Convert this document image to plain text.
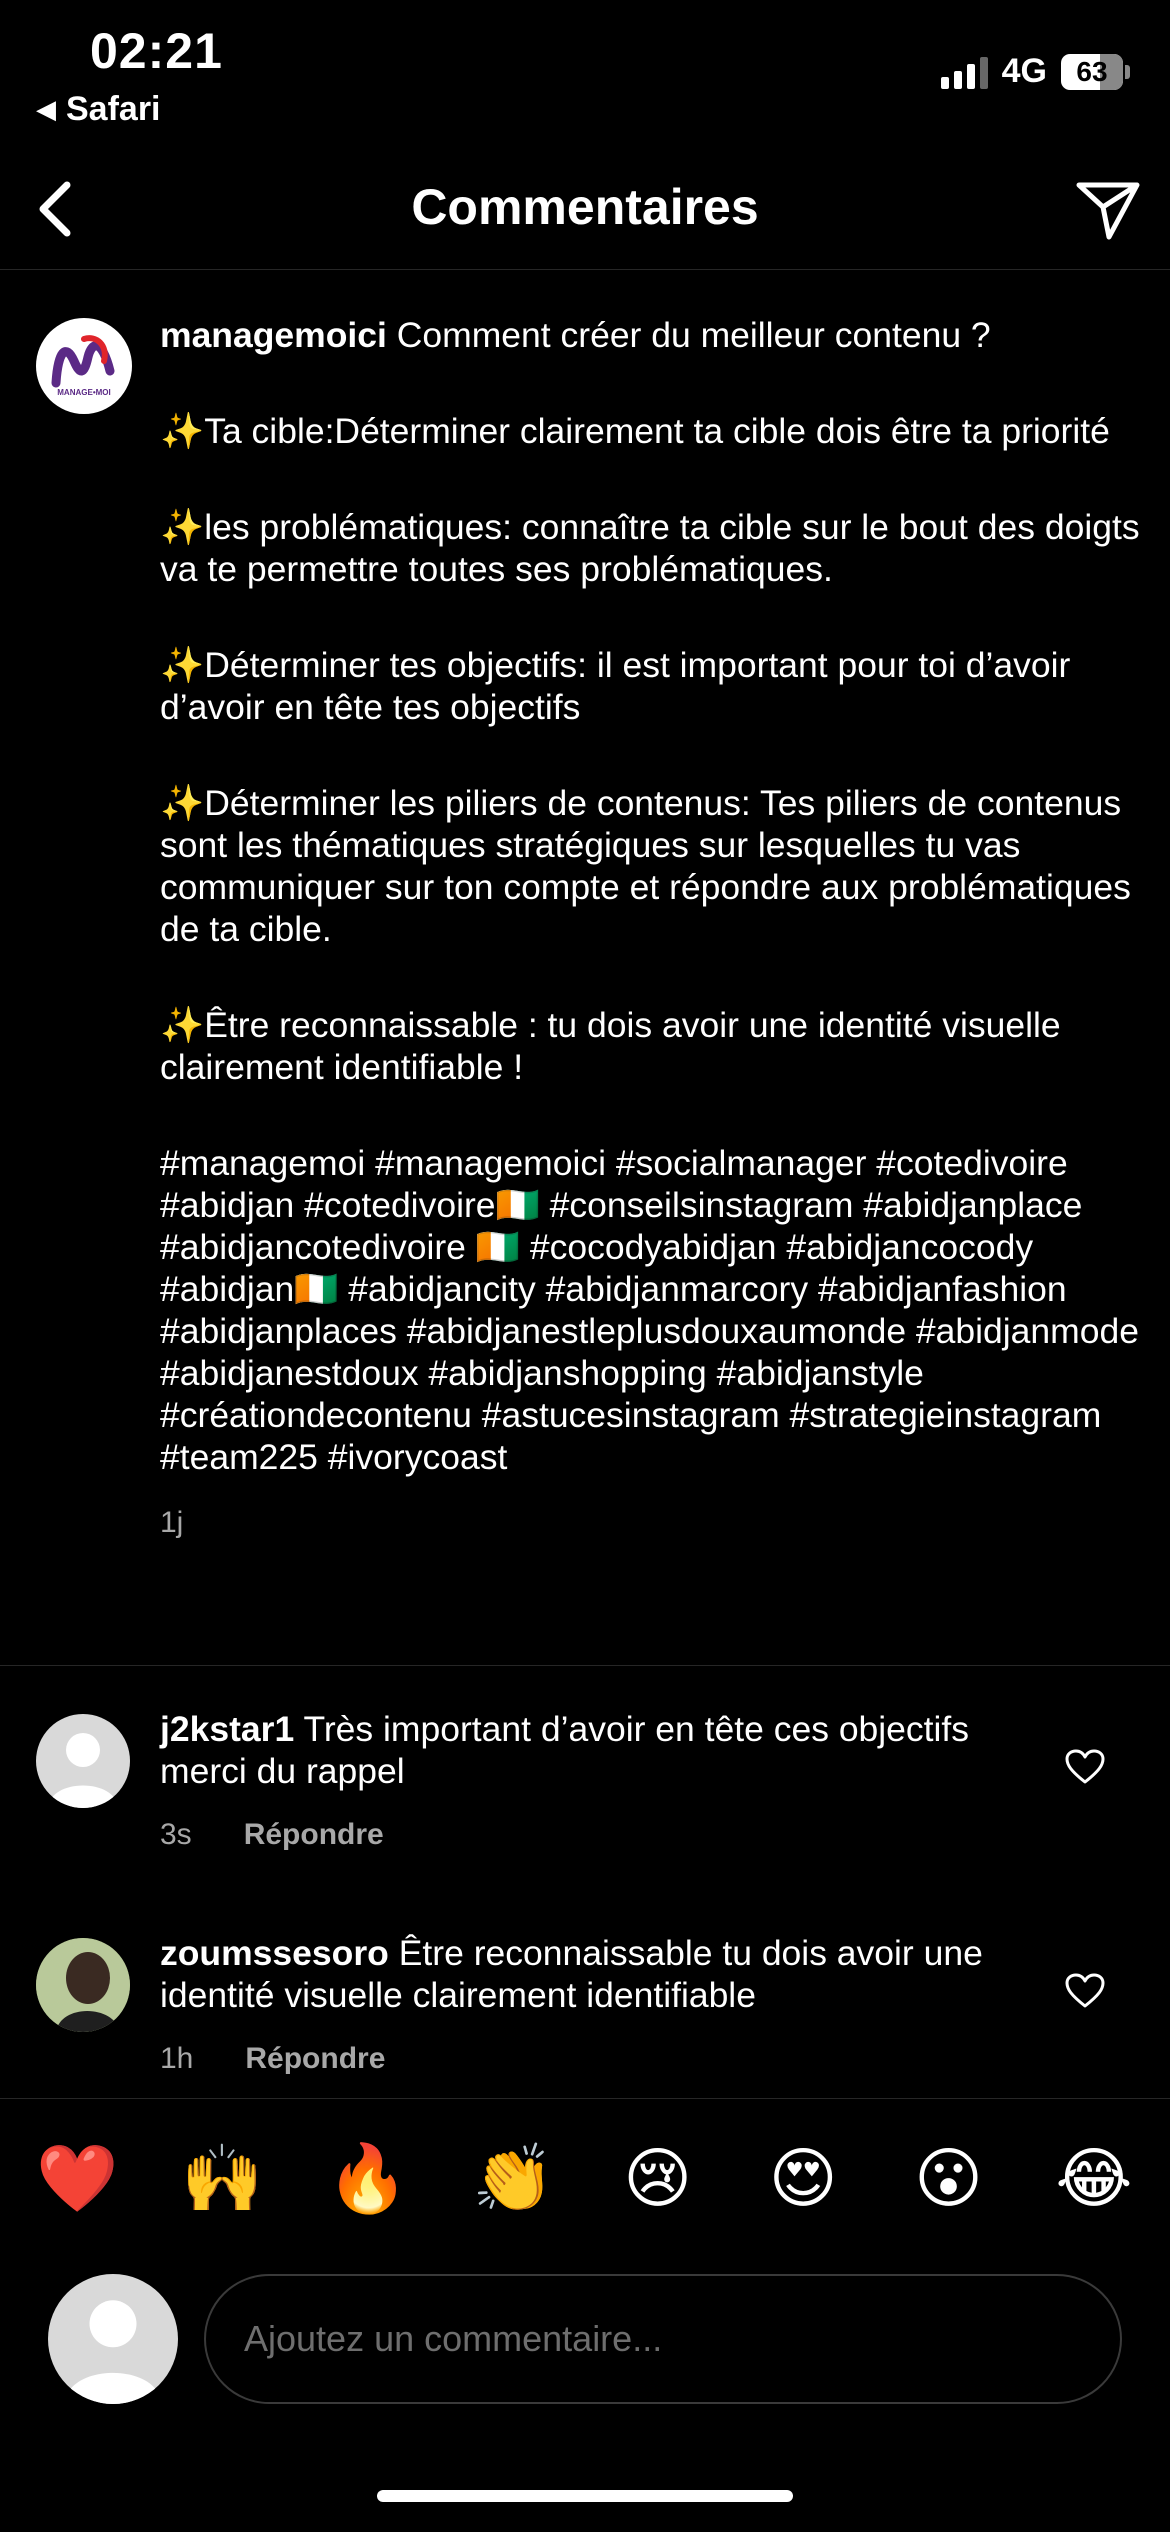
02:21
◀ Safari
4G 63
Commentaires
MANAGE•MOI

managemoici Comment créer du meilleur contenu ?

✨Ta cible:Déterminer clairement ta cible dois être ta priorité

✨les problématiques: connaître ta cible sur le bout des doigts va te permettre toutes ses problématiques.

✨Déterminer tes objectifs: il est important pour toi d’avoir d’avoir en tête tes objectifs

✨Déterminer les piliers de contenus: Tes piliers de contenus sont les thématiques stratégiques sur lesquelles tu vas communiquer sur ton compte et répondre aux problématiques de ta cible.

✨Être reconnaissable : tu dois avoir une identité visuelle clairement identifiable !

#managemoi #managemoici #socialmanager #cotedivoire #abidjan #cotedivoire🇨🇮 #conseilsinstagram #abidjanplace #abidjancotedivoire 🇨🇮 #cocodyabidjan #abidjancocody #abidjan🇨🇮 #abidjancity #abidjanmarcory #abidjanfashion #abidjanplaces #abidjanestleplusdouxaumonde #abidjanmode #abidjanestdoux #abidjanshopping #abidjanstyle #créationdecontenu #astucesinstagram #strategieinstagram #team225 #ivorycoast

1j
j2kstar1 Très important d’avoir en tête ces objectifs merci du rappel
3s Répondre
zoumssesoro Être reconnaissable tu dois avoir une identité visuelle clairement identifiable
1h Répondre
❤️ 🙌 🔥 👏 😢 😍 😮 😂
Ajoutez un commentaire...
